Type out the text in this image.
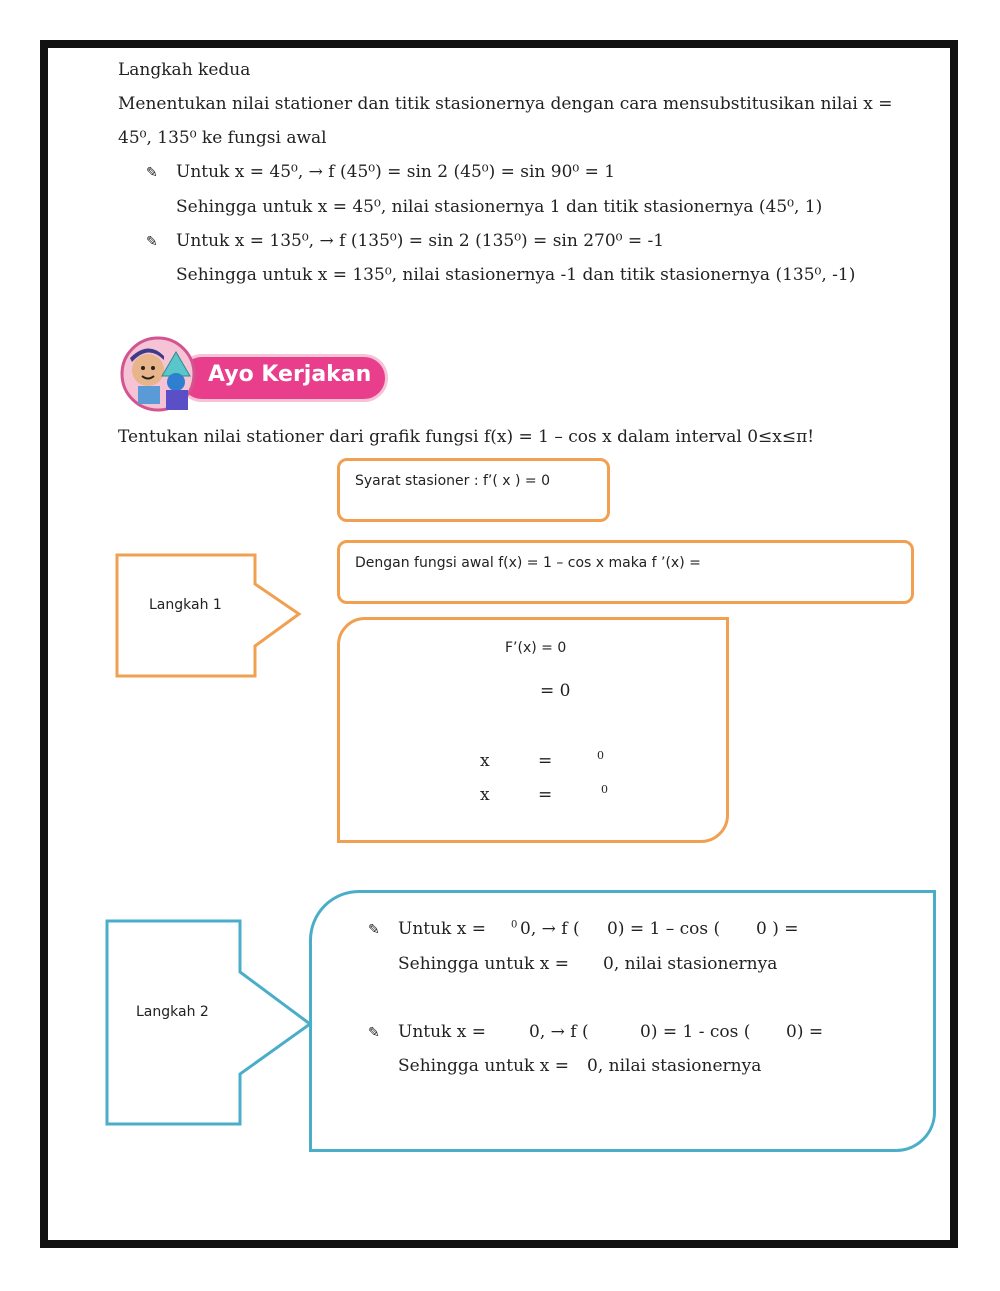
Langkah kedua
Menentukan nilai stationer dan titik stasionernya dengan cara mensubstitusikan nilai x =
45⁰, 135⁰ ke fungsi awal
✎ Untuk x = 45⁰, → f (45⁰) = sin 2 (45⁰) = sin 90⁰ = 1
Sehingga untuk x = 45⁰, nilai stasionernya 1 dan titik stasionernya (45⁰, 1)
✎ Untuk x = 135⁰, → f (135⁰) = sin 2 (135⁰) = sin 270⁰ = -1
Sehingga untuk x = 135⁰, nilai stasionernya -1 dan titik stasionernya (135⁰, -1)
Ayo Kerjakan
Tentukan nilai stationer dari grafik fungsi f(x) = 1 – cos x dalam interval 0≤x≤π!
Syarat stasioner : f’( x ) = 0
Dengan fungsi awal f(x) = 1 – cos x maka f ’(x) =
Langkah 1
F’(x) = 0
= 0
x	=	0
x	=	0
Langkah 2
✎ Untuk x =	$^0$ 0, → f ( 0) = 1 – cos ( 0 ) =
Sehingga untuk x = 0, nilai stasionernya
✎ Untuk x =	0, → f (	0) = 1 - cos ( 0) =
Sehingga untuk x = 0, nilai stasionernya
